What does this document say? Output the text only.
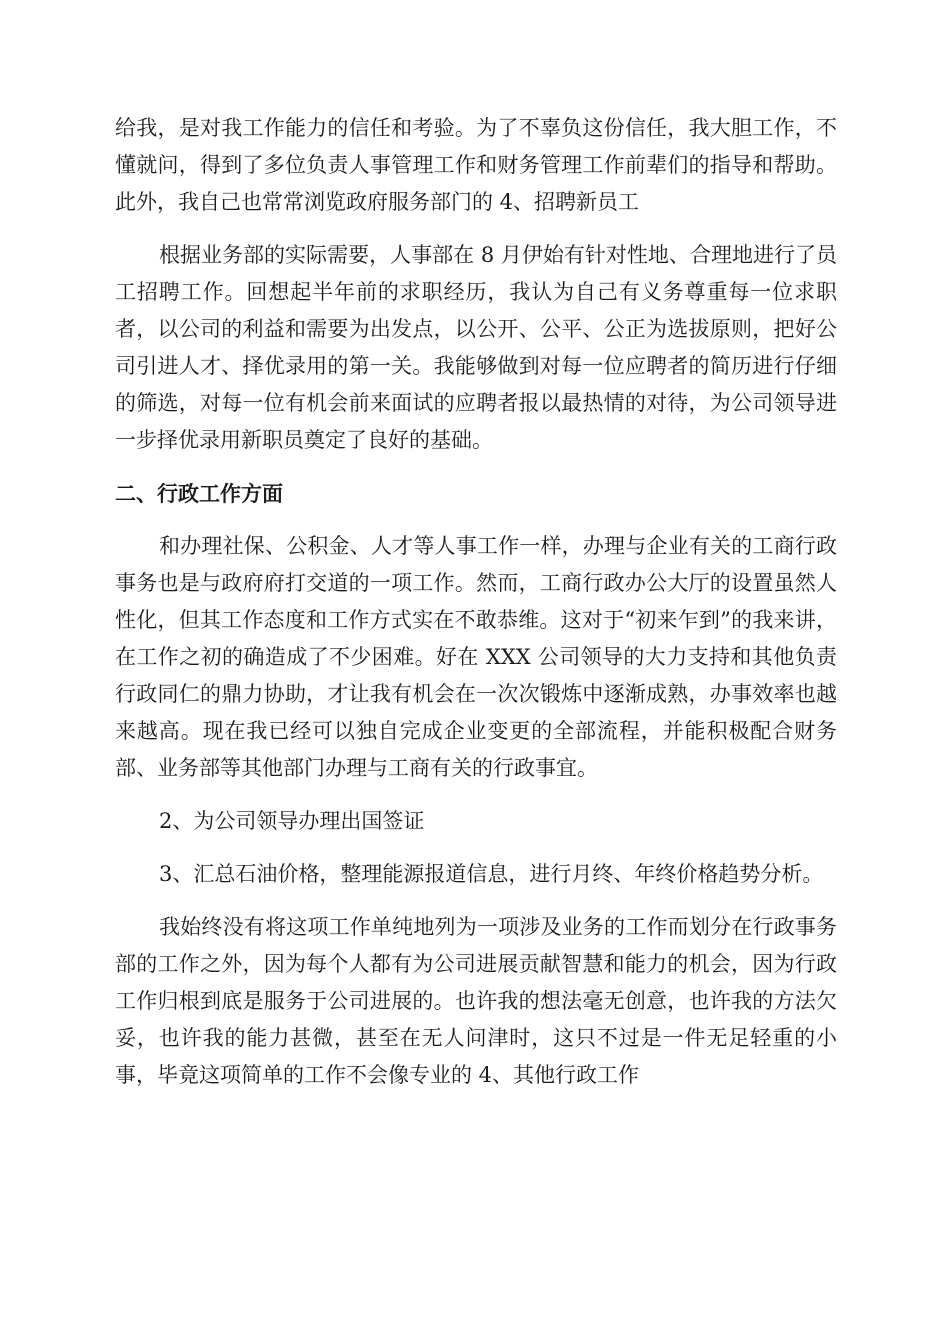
给我，是对我工作能力的信任和考验。为了不辜负这份信任，我大胆工作，不懂就问，得到了多位负责人事管理工作和财务管理工作前辈们的指导和帮助。此外，我自己也常常浏览政府服务部门的 4、招聘新员工

根据业务部的实际需要，人事部在 8 月伊始有针对性地、合理地进行了员工招聘工作。回想起半年前的求职经历，我认为自己有义务尊重每一位求职者，以公司的利益和需要为出发点，以公开、公平、公正为选拔原则，把好公司引进人才、择优录用的第一关。我能够做到对每一位应聘者的简历进行仔细的筛选，对每一位有机会前来面试的应聘者报以最热情的对待，为公司领导进一步择优录用新职员奠定了良好的基础。

二、行政工作方面

和办理社保、公积金、人才等人事工作一样，办理与企业有关的工商行政事务也是与政府府打交道的一项工作。然而，工商行政办公大厅的设置虽然人性化，但其工作态度和工作方式实在不敢恭维。这对于“初来乍到”的我来讲，在工作之初的确造成了不少困难。好在 XXX 公司领导的大力支持和其他负责行政同仁的鼎力协助，才让我有机会在一次次锻炼中逐渐成熟，办事效率也越来越高。现在我已经可以独自完成企业变更的全部流程，并能积极配合财务部、业务部等其他部门办理与工商有关的行政事宜。

2、为公司领导办理出国签证

3、汇总石油价格，整理能源报道信息，进行月终、年终价格趋势分析。

我始终没有将这项工作单纯地列为一项涉及业务的工作而划分在行政事务部的工作之外，因为每个人都有为公司进展贡献智慧和能力的机会，因为行政工作归根到底是服务于公司进展的。也许我的想法毫无创意，也许我的方法欠妥，也许我的能力甚微，甚至在无人问津时，这只不过是一件无足轻重的小事，毕竟这项简单的工作不会像专业的 4、其他行政工作
